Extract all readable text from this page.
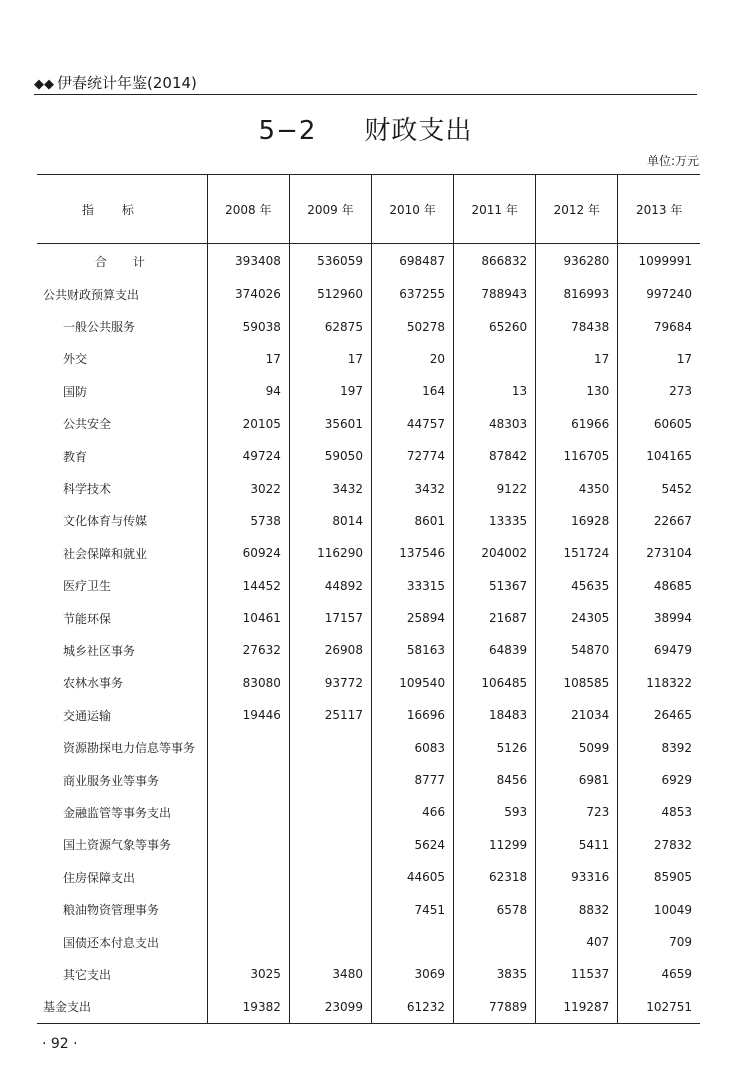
◆◆ 伊春统计年鉴(2014)
5−2 财政支出
单位:万元
指标	2008 年	2009 年	2010 年	2011 年	2012 年	2013 年
合计	393408	536059	698487	866832	936280	1099991
公共财政预算支出	374026	512960	637255	788943	816993	997240
一般公共服务	59038	62875	50278	65260	78438	79684
外交	17	17	20		17	17
国防	94	197	164	13	130	273
公共安全	20105	35601	44757	48303	61966	60605
教育	49724	59050	72774	87842	116705	104165
科学技术	3022	3432	3432	9122	4350	5452
文化体育与传媒	5738	8014	8601	13335	16928	22667
社会保障和就业	60924	116290	137546	204002	151724	273104
医疗卫生	14452	44892	33315	51367	45635	48685
节能环保	10461	17157	25894	21687	24305	38994
城乡社区事务	27632	26908	58163	64839	54870	69479
农林水事务	83080	93772	109540	106485	108585	118322
交通运输	19446	25117	16696	18483	21034	26465
资源勘探电力信息等事务			6083	5126	5099	8392
商业服务业等事务			8777	8456	6981	6929
金融监管等事务支出			466	593	723	4853
国土资源气象等事务			5624	11299	5411	27832
住房保障支出			44605	62318	93316	85905
粮油物资管理事务			7451	6578	8832	10049
国债还本付息支出					407	709
其它支出	3025	3480	3069	3835	11537	4659
基金支出	19382	23099	61232	77889	119287	102751
· 92 ·
